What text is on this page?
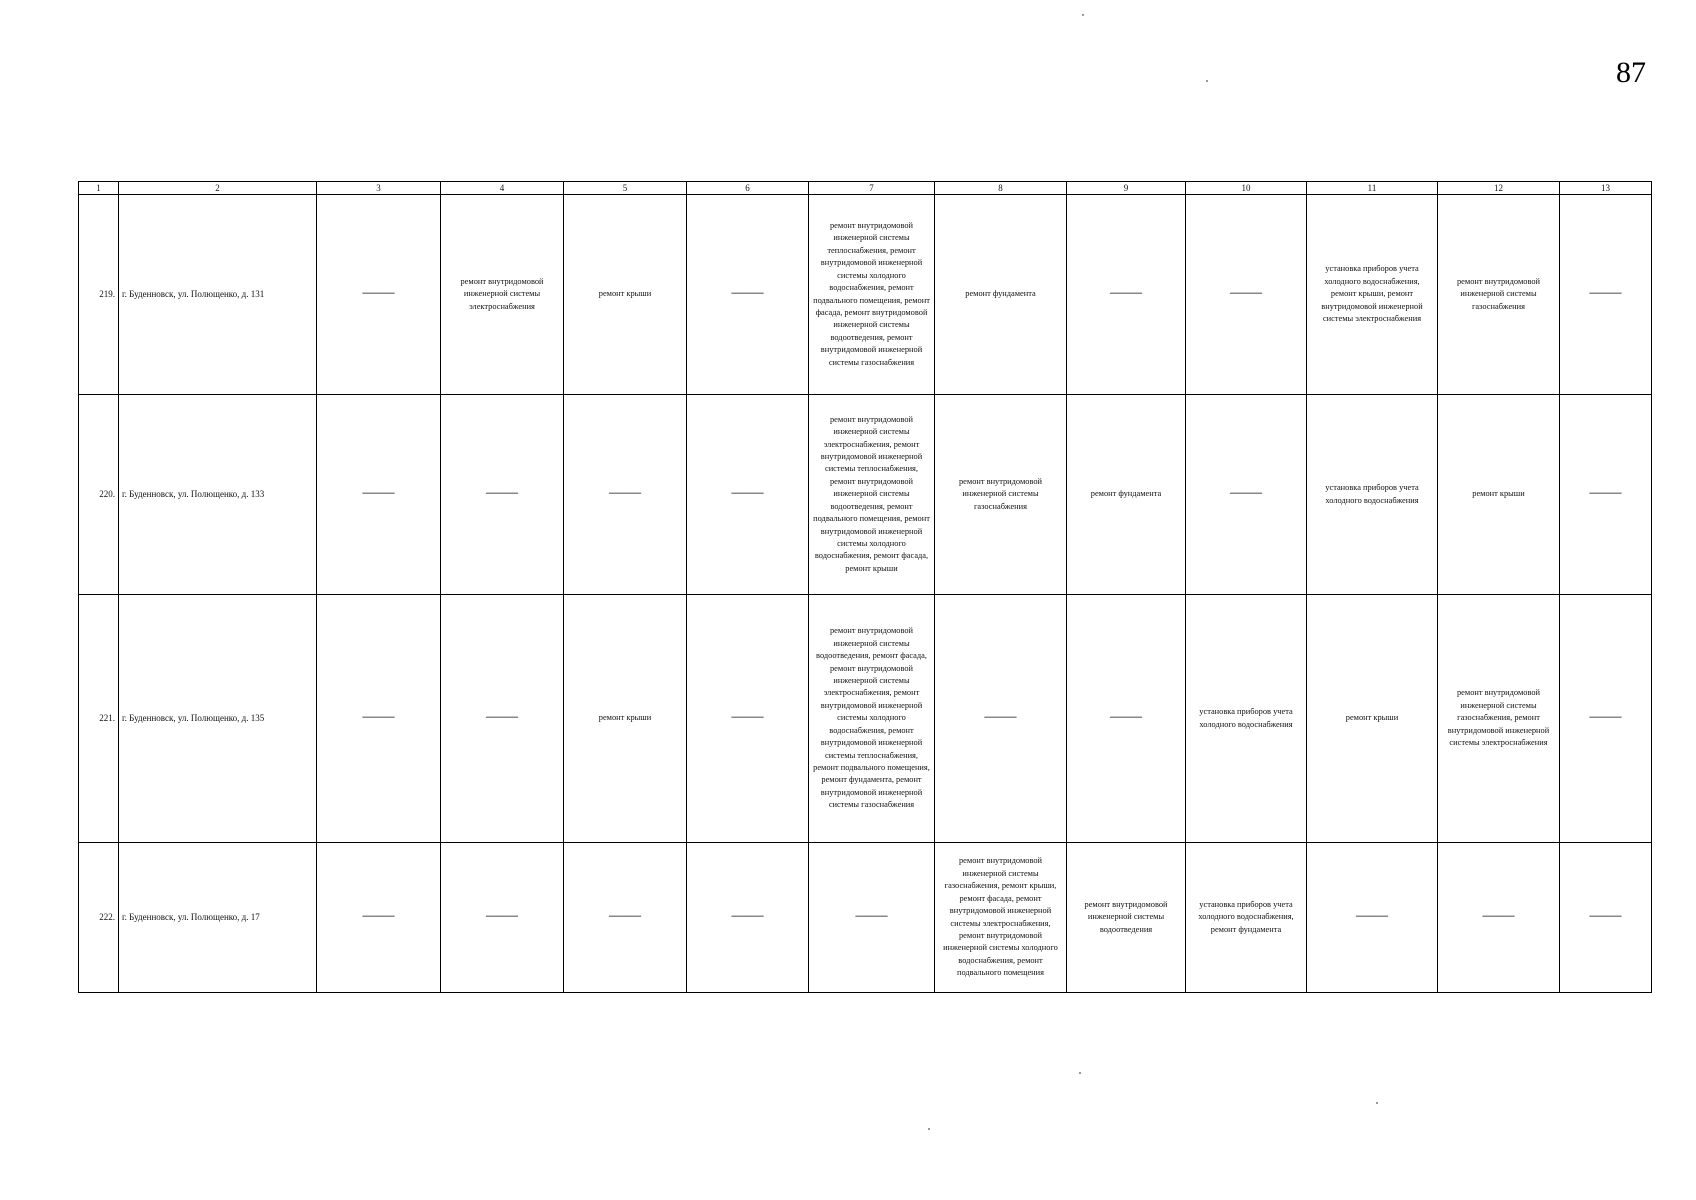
87
1	2	3	4	5	6	7	8	9	10	11	12	13
219.	г. Буденновск, ул. Полющенко, д. 131	——	ремонт внутридомовой инженерной системы электроснабжения	ремонт крыши	——	ремонт внутридомовой инженерной системы теплоснабжения, ремонт внутридомовой инженерной системы холодного водоснабжения, ремонт подвального помещения, ремонт фасада, ремонт внутридомовой инженерной системы водоотведения, ремонт внутридомовой инженерной системы газоснабжения	ремонт фундамента	——	——	установка приборов учета холодного водоснабжения, ремонт крыши, ремонт внутридомовой инженерной системы электроснабжения	ремонт внутридомовой инженерной системы газоснабжения	——
220.	г. Буденновск, ул. Полющенко, д. 133	——	——	——	——	ремонт внутридомовой инженерной системы электроснабжения, ремонт внутридомовой инженерной системы теплоснабжения, ремонт внутридомовой инженерной системы водоотведения, ремонт подвального помещения, ремонт внутридомовой инженерной системы холодного водоснабжения, ремонт фасада, ремонт крыши	ремонт внутридомовой инженерной системы газоснабжения	ремонт фундамента	——	установка приборов учета холодного водоснабжения	ремонт крыши	——
221.	г. Буденновск, ул. Полющенко, д. 135	——	——	ремонт крыши	——	ремонт внутридомовой инженерной системы водоотведения, ремонт фасада, ремонт внутридомовой инженерной системы электроснабжения, ремонт внутридомовой инженерной системы холодного водоснабжения, ремонт внутридомовой инженерной системы теплоснабжения, ремонт подвального помещения, ремонт фундамента, ремонт внутридомовой инженерной системы газоснабжения	——	——	установка приборов учета холодного водоснабжения	ремонт крыши	ремонт внутридомовой инженерной системы газоснабжения, ремонт внутридомовой инженерной системы электроснабжения	——
222.	г. Буденновск, ул. Полющенко, д. 17	——	——	——	——	——	ремонт внутридомовой инженерной системы газоснабжения, ремонт крыши, ремонт фасада, ремонт внутридомовой инженерной системы электроснабжения, ремонт внутридомовой инженерной системы холодного водоснабжения, ремонт подвального помещения	ремонт внутридомовой инженерной системы водоотведения	установка приборов учета холодного водоснабжения, ремонт фундамента	——	——	——
